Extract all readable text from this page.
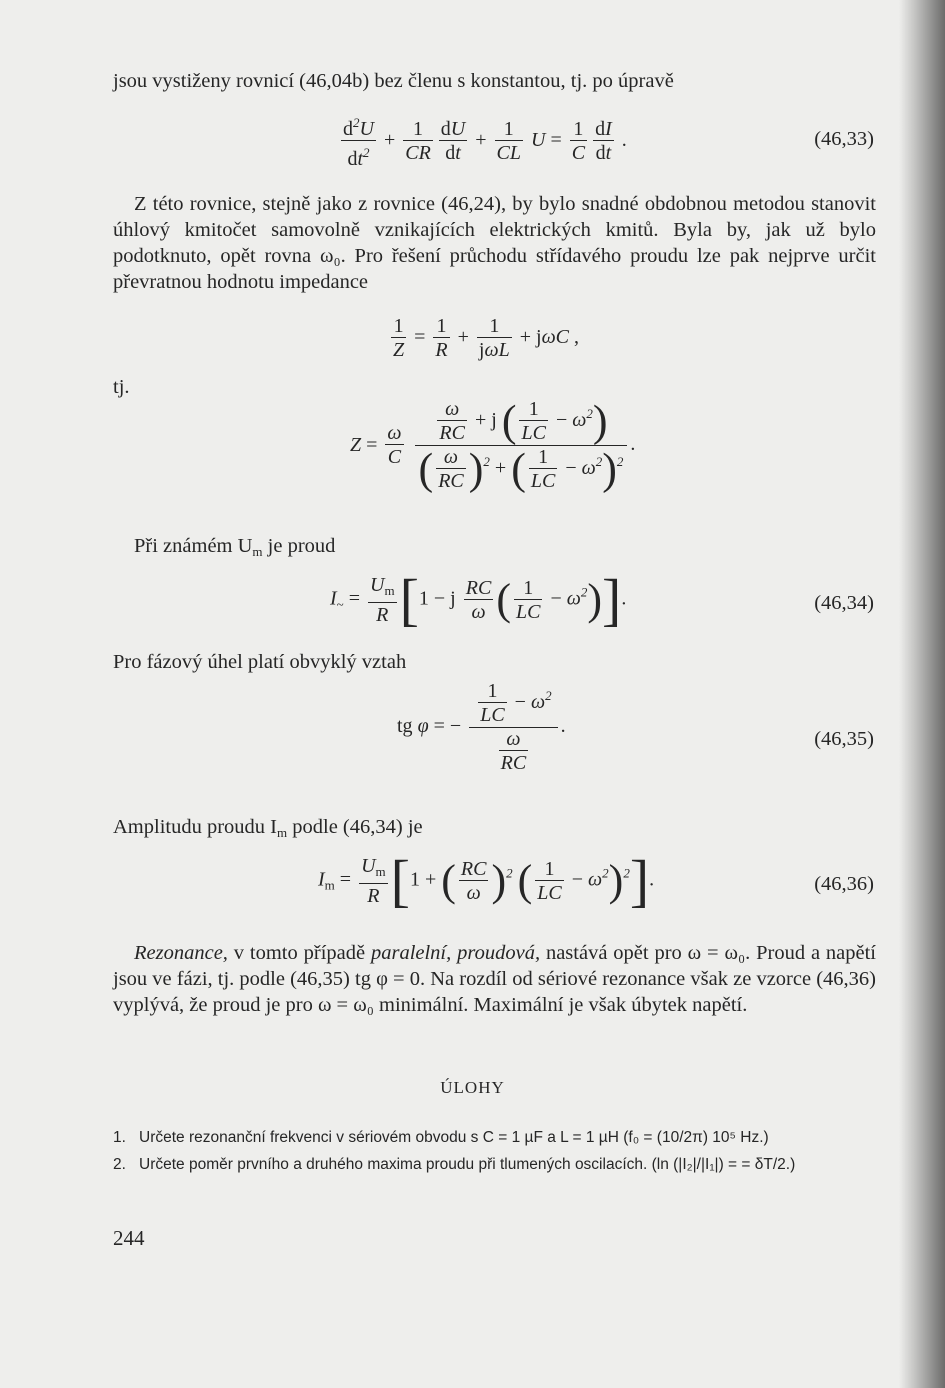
jsou vystiženy rovnicí (46,04b) bez členu s konstantou, tj. po úpravě
$\frac{d^2U}{dt^2} + \frac{1}{CR} \frac{dU}{dt} + \frac{1}{CL}$ $U = \frac{1}{C} \frac{dI}{dt}$ .	(46,33)
Z této rovnice, stejně jako z rovnice (46,24), by bylo snadné obdobnou metodou stanovit úhlový kmitočet samovolně vznikajících elektrických kmitů. Byla by, jak už bylo podotknuto, opět rovna ω₀. Pro řešení průchodu střídavého proudu lze pak nejprve určit převratnou hodnotu impedance
$\frac{1}{Z} = \frac{1}{R} + \frac{1}{\text{jωL}} + j\omega C$ ,
tj.
$Z = \frac{\omega}{C}$
$\frac{\frac{\omega}{RC} + j ( \frac{1}{LC} - \omega^2)}{( \frac{\omega}{RC} )^2 + ( \frac{1}{LC} - \omega^2)^2}$ .
Při známém $U_m$ je proud
$I_\sim = \frac{U_m}{R} [1 - j \frac{RC}{\omega}$ ( $\frac{1}{LC} - \omega^2$)].	(46,34)
Pro fázový úhel platí obvyklý vztah
tg φ = − $\frac{\frac{1}{LC} - \omega^2}{\frac{\omega}{RC}}$ .
(46,35)
Amplitudu proudu $I_m$ podle (46,34) je
$I_m = \frac{U_m}{R} [1$ + ( $\frac{RC}{\omega} )^2$ ( $\frac{1}{LC} - \omega^2)^2$].	(46,36)
Rezonance, v tomto případě paralelní, proudová, nastává opět pro ω = ω₀. Proud a napětí jsou ve fázi, tj. podle (46,35) tg φ = 0. Na rozdíl od sériové rezonance však ze vzorce (46,36) vyplývá, že proud je pro ω = ω₀ minimální. Maximální je však úbytek napětí.
ÚLOHY
1. Určete rezonanční frekvenci v sériovém obvodu s C = 1 µF a L = 1 µH (f₀ = (10/2π) 10⁵ Hz.)
2. Určete poměr prvního a druhého maxima proudu při tlumených oscilacích. (ln (|I₂|/|I₁|) = = δT/2.)
244
